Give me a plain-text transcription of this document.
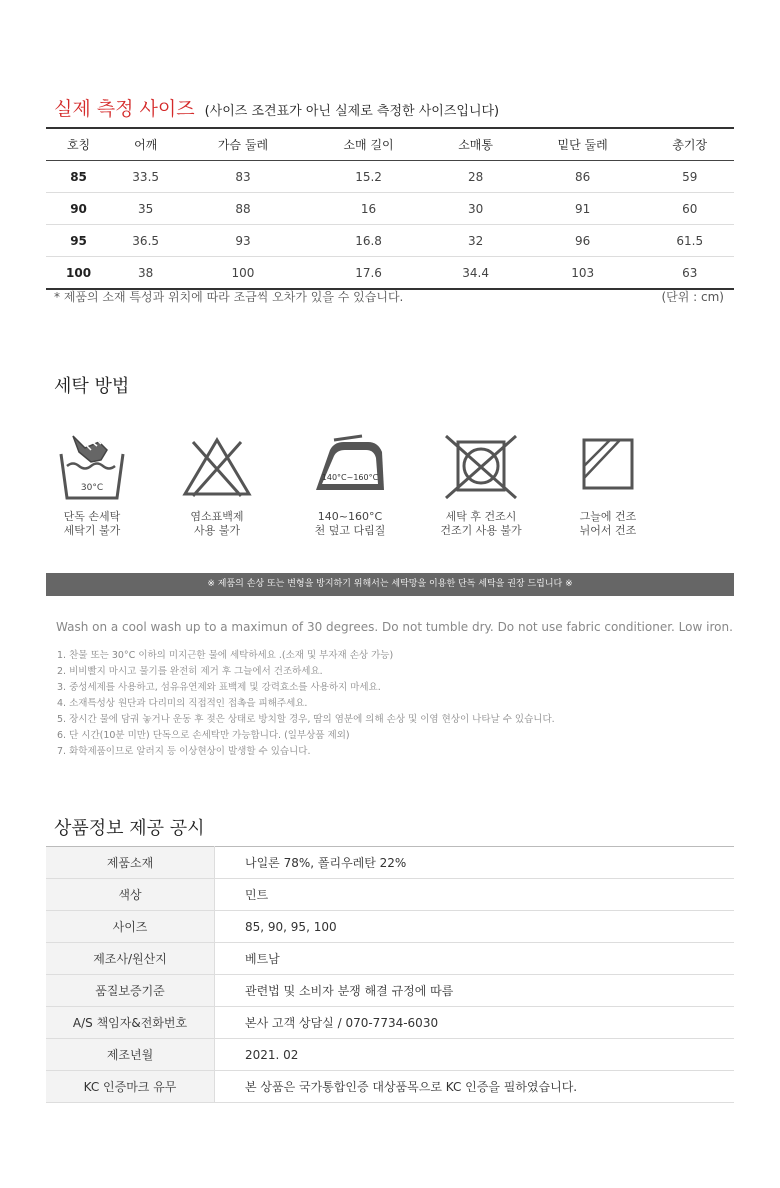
실제 측정 사이즈 (사이즈 조견표가 아닌 실제로 측정한 사이즈입니다)
호칭	어깨	가슴 둘레	소매 길이	소매통	밑단 둘레	총기장
85	33.5	83	15.2	28	86	59
90	35	88	16	30	91	60
95	36.5	93	16.8	32	96	61.5
100	38	100	17.6	34.4	103	63
* 제품의 소재 특성과 위치에 따라 조금씩 오차가 있을 수 있습니다.	(단위 : cm)
세탁 방법
30°C
단독 손세탁
세탁기 불가
염소표백제
사용 불가
140°C~160°C
140~160°C
천 덮고 다림질
세탁 후 건조시
건조기 사용 불가
그늘에 건조
뉘어서 건조
※ 제품의 손상 또는 변형을 방지하기 위해서는 세탁망을 이용한 단독 세탁을 권장 드립니다 ※
Wash on a cool wash up to a maximun of 30 degrees. Do not tumble dry. Do not use fabric conditioner. Low iron.
1. 찬물 또는 30°C 이하의 미지근한 물에 세탁하세요 .(소재 및 부자재 손상 가능)
2. 비비빨지 마시고 물기를 완전히 제거 후 그늘에서 건조하세요.
3. 중성세제를 사용하고, 섬유유연제와 표백제 및 강력효소를 사용하지 마세요.
4. 소재특성상 원단과 다리미의 직접적인 접촉을 피해주세요.
5. 장시간 물에 담궈 놓거나 운동 후 젖은 상태로 방치할 경우, 땀의 염분에 의해 손상 및 이염 현상이 나타날 수 있습니다.
6. 단 시간(10분 미만) 단독으로 손세탁만 가능합니다. (일부상품 제외)
7. 화학제품이므로 알러지 등 이상현상이 발생할 수 있습니다.
상품정보 제공 공시
제품소재	나일론 78%, 폴리우레탄 22%
색상	민트
사이즈	85, 90, 95, 100
제조사/원산지	베트남
품질보증기준	관련법 및 소비자 분쟁 해결 규정에 따름
A/S 책임자&전화번호	본사 고객 상담실 / 070-7734-6030
제조년월	2021. 02
KC 인증마크 유무	본 상품은 국가통합인증 대상품목으로 KC 인증을 필하였습니다.
